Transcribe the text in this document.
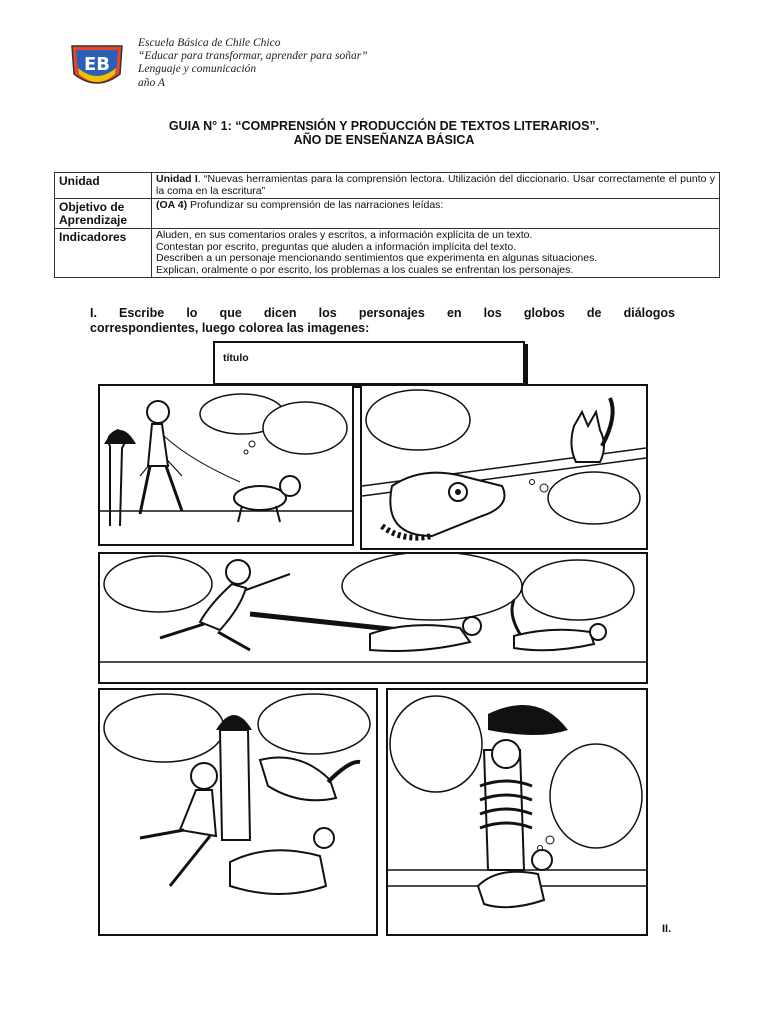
EB
Escuela Básica de Chile Chico
“Educar para transformar, aprender para soñar”
Lenguaje y comunicación
año A
GUIA N° 1: “COMPRENSIÓN Y PRODUCCIÓN DE TEXTOS LITERARIOS”.
AÑO DE ENSEÑANZA BÁSICA
Unidad	Unidad I. “Nuevas herramientas para la comprensión lectora. Utilización del diccionario. Usar correctamente el punto y la coma en la escritura”
Objetivo de Aprendizaje	(OA 4) Profundizar su comprensión de las narraciones leídas:
Indicadores	Aluden, en sus comentarios orales y escritos, a información explícita de un texto.
Contestan por escrito, preguntas que aluden a información implícita del texto.
Describen a un personaje mencionando sentimientos que experimenta en algunas situaciones.
Explican, oralmente o por escrito, los problemas a los cuales se enfrentan los personajes.
I. Escribe lo que dicen los personajes en los globos de diálogos
correspondientes, luego colorea las imagenes:
título
II.
